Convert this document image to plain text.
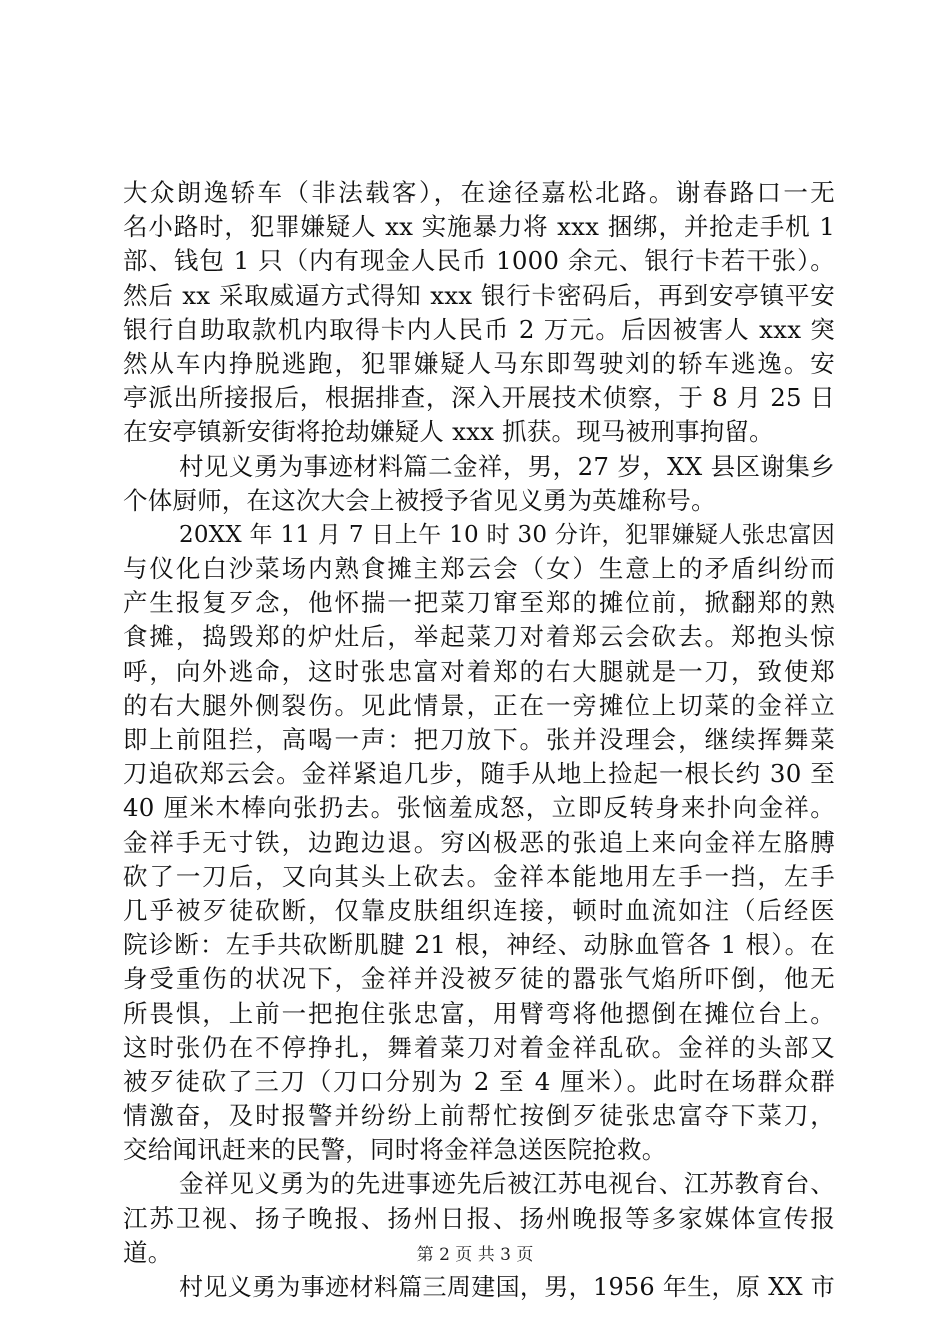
大众朗逸轿车（非法载客），在途径嘉松北路。谢春路口一无
名小路时，犯罪嫌疑人 xx 实施暴力将 xxx 捆绑，并抢走手机 1
部、钱包 1 只（内有现金人民币 1000 余元、银行卡若干张）。
然后 xx 采取威逼方式得知 xxx 银行卡密码后，再到安亭镇平安
银行自助取款机内取得卡内人民币 2 万元。后因被害人 xxx 突
然从车内挣脱逃跑，犯罪嫌疑人马东即驾驶刘的轿车逃逸。安
亭派出所接报后，根据排查，深入开展技术侦察，于 8 月 25 日
在安亭镇新安街将抢劫嫌疑人 xxx 抓获。现马被刑事拘留。
村见义勇为事迹材料篇二金祥，男，27 岁，XX 县区谢集乡
个体厨师，在这次大会上被授予省见义勇为英雄称号。
20XX 年 11 月 7 日上午 10 时 30 分许，犯罪嫌疑人张忠富因
与仪化白沙菜场内熟食摊主郑云会（女）生意上的矛盾纠纷而
产生报复歹念，他怀揣一把菜刀窜至郑的摊位前，掀翻郑的熟
食摊，捣毁郑的炉灶后，举起菜刀对着郑云会砍去。郑抱头惊
呼，向外逃命，这时张忠富对着郑的右大腿就是一刀，致使郑
的右大腿外侧裂伤。见此情景，正在一旁摊位上切菜的金祥立
即上前阻拦，高喝一声：把刀放下。张并没理会，继续挥舞菜
刀追砍郑云会。金祥紧追几步，随手从地上捡起一根长约 30 至
40 厘米木棒向张扔去。张恼羞成怒，立即反转身来扑向金祥。
金祥手无寸铁，边跑边退。穷凶极恶的张追上来向金祥左胳膊
砍了一刀后，又向其头上砍去。金祥本能地用左手一挡，左手
几乎被歹徒砍断，仅靠皮肤组织连接，顿时血流如注（后经医
院诊断：左手共砍断肌腱 21 根，神经、动脉血管各 1 根）。在
身受重伤的状况下，金祥并没被歹徒的嚣张气焰所吓倒，他无
所畏惧，上前一把抱住张忠富，用臂弯将他摁倒在摊位台上。
这时张仍在不停挣扎，舞着菜刀对着金祥乱砍。金祥的头部又
被歹徒砍了三刀（刀口分别为 2 至 4 厘米）。此时在场群众群
情激奋，及时报警并纷纷上前帮忙按倒歹徒张忠富夺下菜刀，
交给闻讯赶来的民警，同时将金祥急送医院抢救。
金祥见义勇为的先进事迹先后被江苏电视台、江苏教育台、
江苏卫视、扬子晚报、扬州日报、扬州晚报等多家媒体宣传报
道。
村见义勇为事迹材料篇三周建国，男，1956 年生，原 XX 市
第 2 页 共 3 页
